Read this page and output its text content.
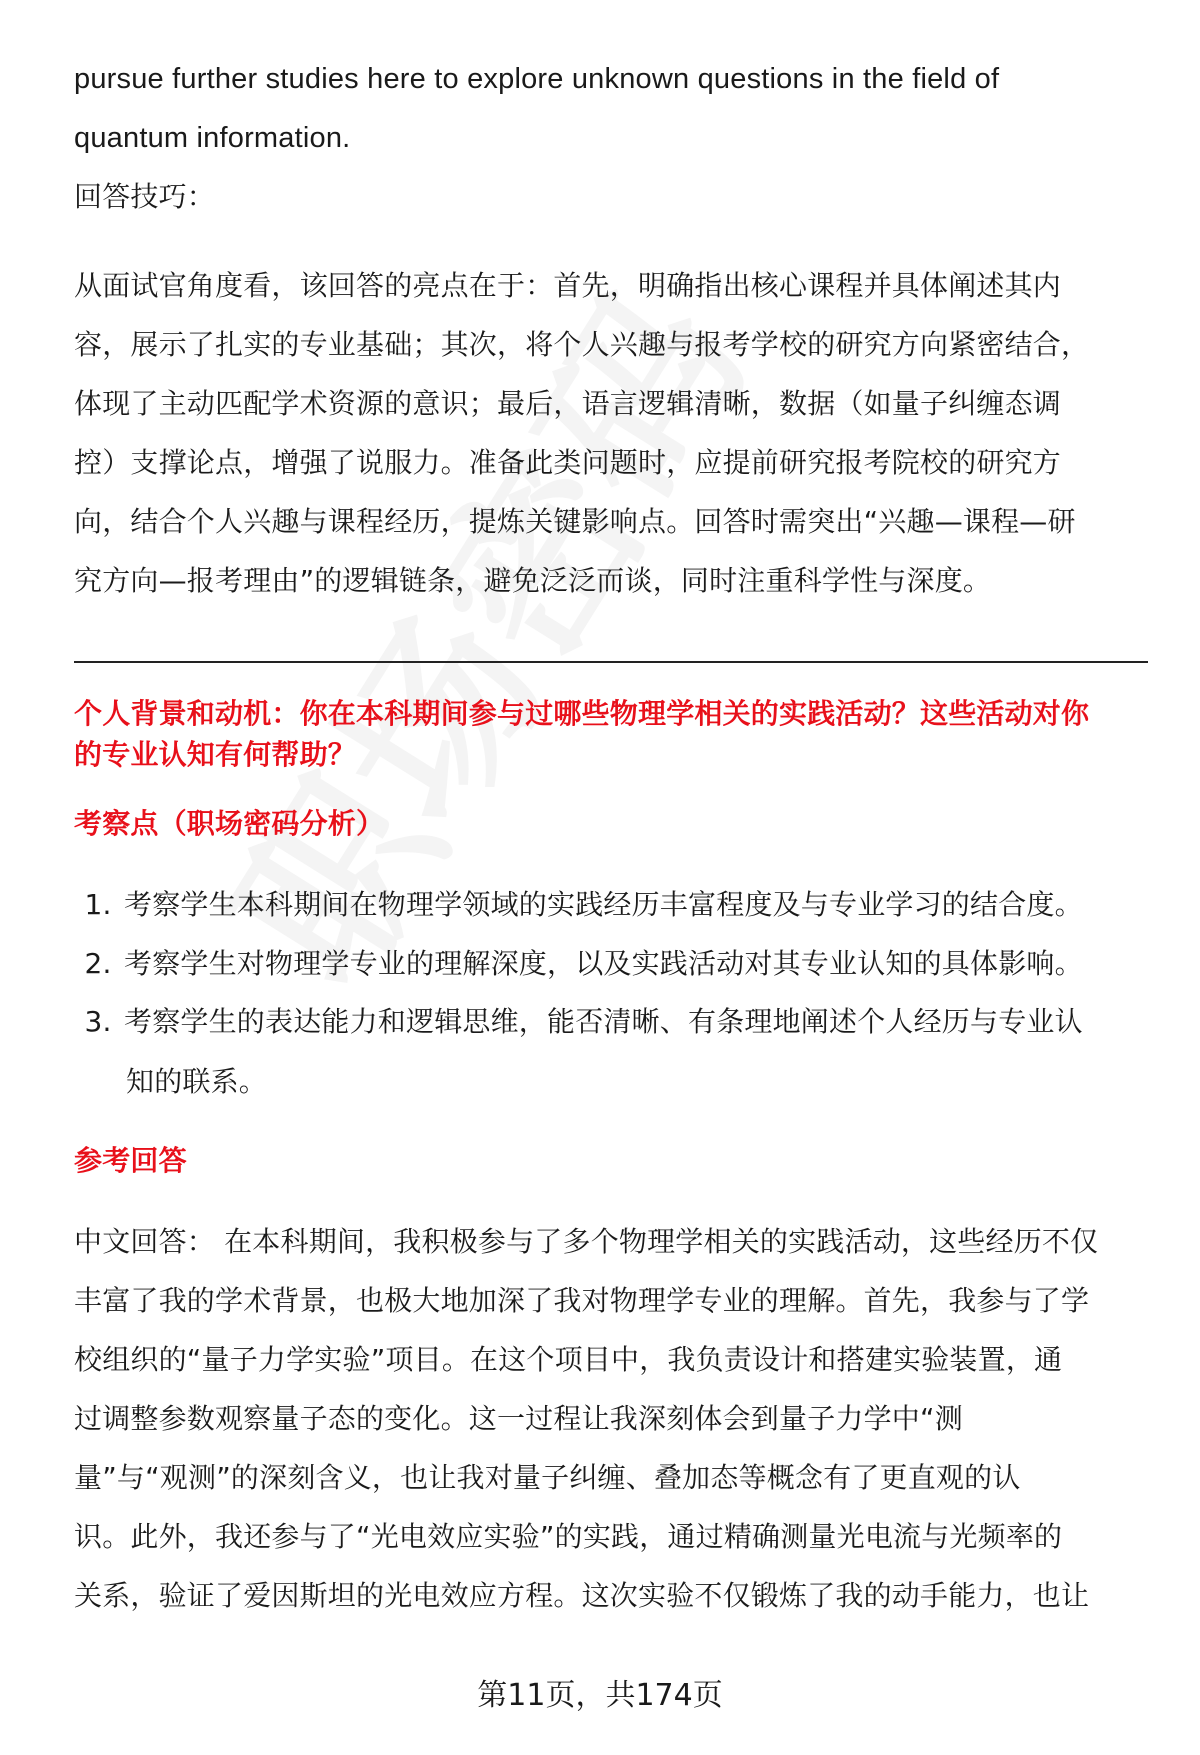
pursue further studies here to explore unknown questions in the field of
quantum information.
回答技巧：
从面试官角度看，该回答的亮点在于：首先，明确指出核心课程并具体阐述其内
容，展示了扎实的专业基础；其次，将个人兴趣与报考学校的研究方向紧密结合，
体现了主动匹配学术资源的意识；最后，语言逻辑清晰，数据（如量子纠缠态调
控）支撑论点，增强了说服力。准备此类问题时，应提前研究报考院校的研究方
向，结合个人兴趣与课程经历，提炼关键影响点。回答时需突出“兴趣—课程—研
究方向—报考理由”的逻辑链条，避免泛泛而谈，同时注重科学性与深度。
个人背景和动机：你在本科期间参与过哪些物理学相关的实践活动？这些活动对你
的专业认知有何帮助？
考察点（职场密码分析）
1. 考察学生本科期间在物理学领域的实践经历丰富程度及与专业学习的结合度。
2. 考察学生对物理学专业的理解深度，以及实践活动对其专业认知的具体影响。
3. 考察学生的表达能力和逻辑思维，能否清晰、有条理地阐述个人经历与专业认
知的联系。
参考回答
中文回答： 在本科期间，我积极参与了多个物理学相关的实践活动，这些经历不仅
丰富了我的学术背景，也极大地加深了我对物理学专业的理解。首先，我参与了学
校组织的“量子力学实验”项目。在这个项目中，我负责设计和搭建实验装置，通
过调整参数观察量子态的变化。这一过程让我深刻体会到量子力学中“测
量”与“观测”的深刻含义，也让我对量子纠缠、叠加态等概念有了更直观的认
识。此外，我还参与了“光电效应实验”的实践，通过精确测量光电流与光频率的
关系，验证了爱因斯坦的光电效应方程。这次实验不仅锻炼了我的动手能力，也让
第11页，共174页
